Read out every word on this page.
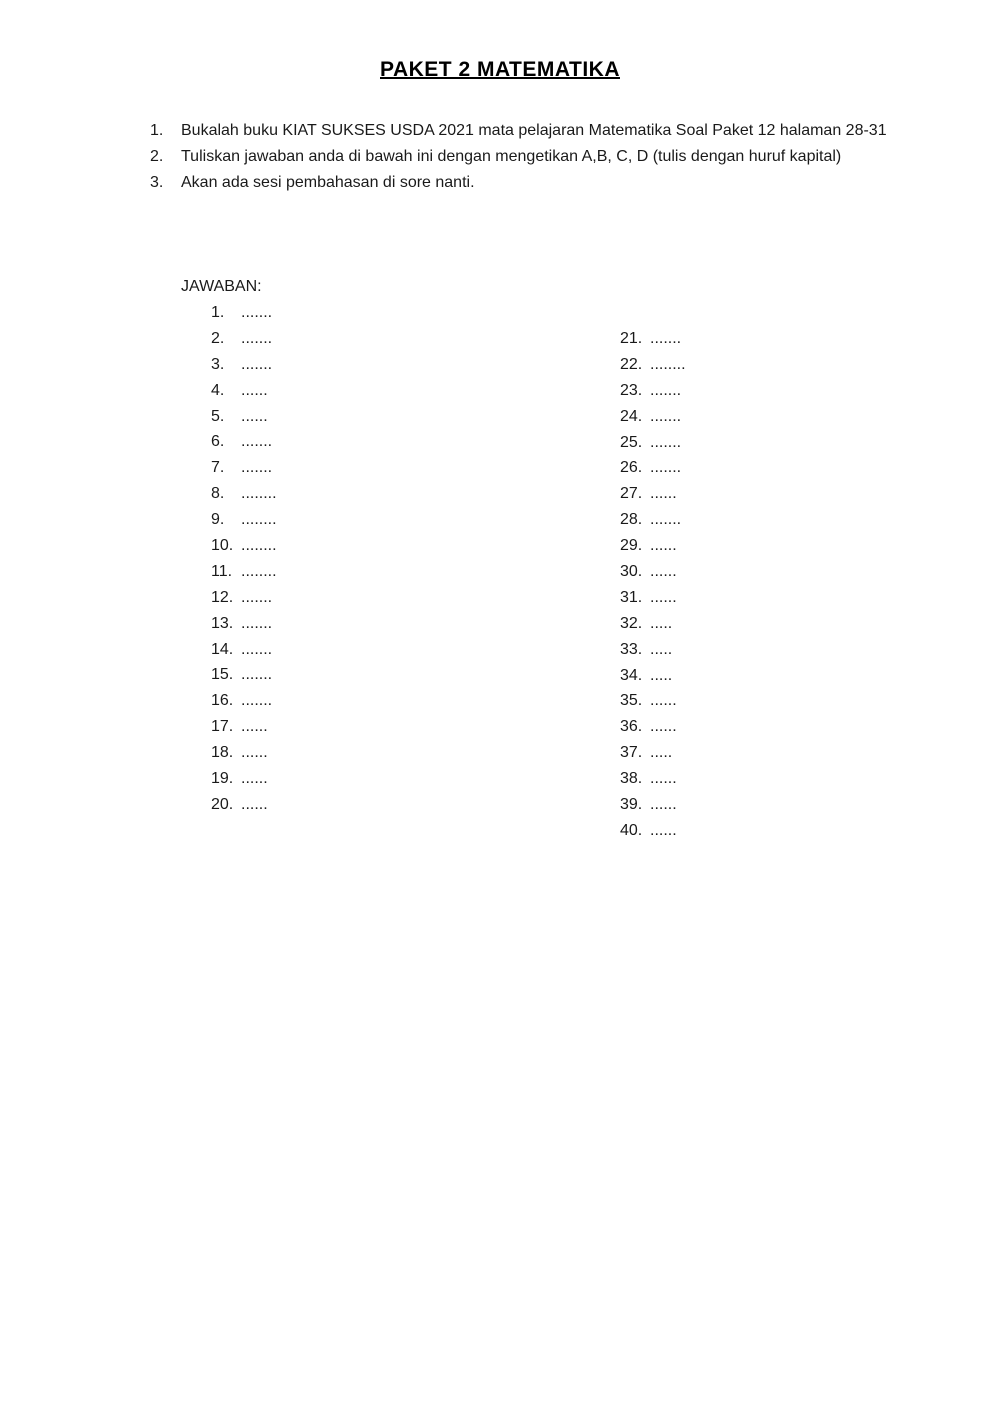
PAKET 2 MATEMATIKA
1.	Bukalah buku KIAT SUKSES USDA 2021 mata pelajaran Matematika Soal Paket 12 halaman 28-31
2.	Tuliskan jawaban anda di bawah ini dengan mengetikan A,B, C, D (tulis dengan huruf kapital)
3.	Akan ada sesi pembahasan di sore nanti.
JAWABAN:
1.	.......
2.	.......
3.	.......
4.	......
5.	......
6.	.......
7.	.......
8.	........
9.	........
10. ........
11. ........
12. .......
13. .......
14. .......
15. .......
16. .......
17. ......
18. ......
19. ......
20. ......
21. .......
22. ........
23. .......
24. .......
25. .......
26. .......
27. ......
28. .......
29. ......
30. ......
31. ......
32. .....
33. .....
34. .....
35. ......
36. ......
37. .....
38. ......
39. ......
40. ......
